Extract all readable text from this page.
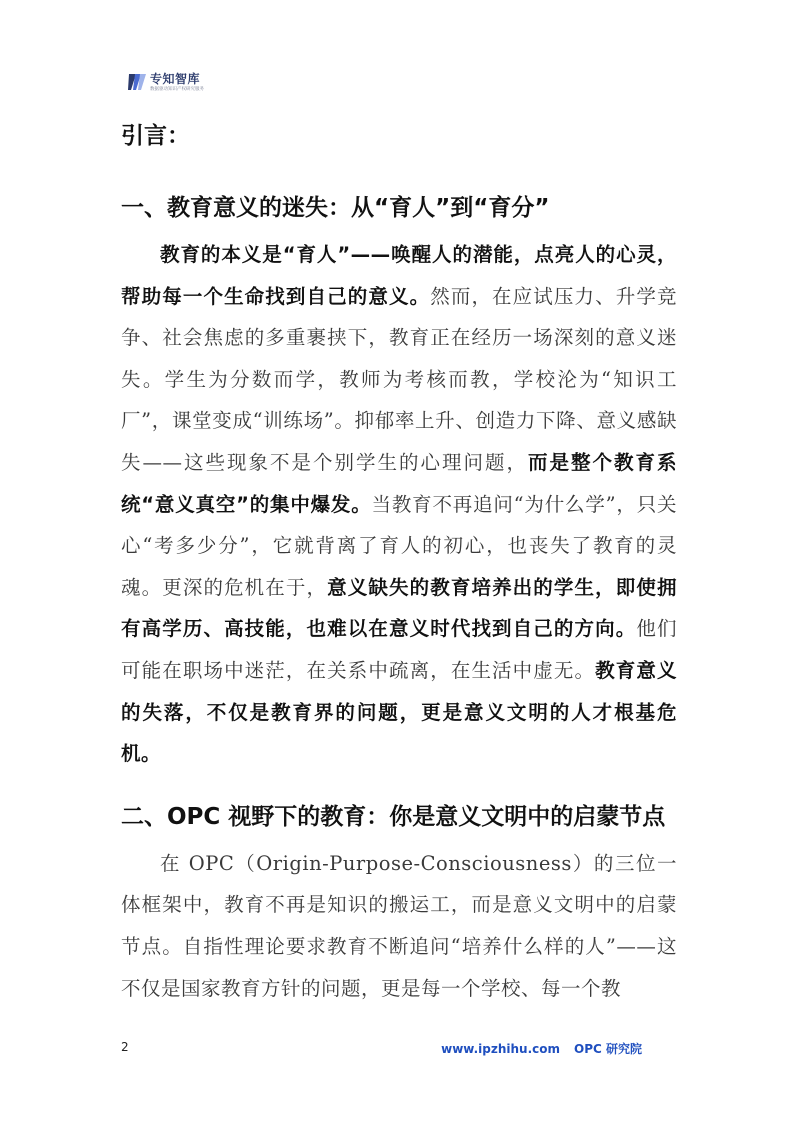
专知智库
数据驱动知识产权研究服务
引言：
一、教育意义的迷失：从“育人”到“育分”

教育的本义是“育人”——唤醒人的潜能，点亮人的心灵，帮助每一个生命找到自己的意义。然而，在应试压力、升学竞争、社会焦虑的多重裹挟下，教育正在经历一场深刻的意义迷失。学生为分数而学，教师为考核而教，学校沦为“知识工厂”，课堂变成“训练场”。抑郁率上升、创造力下降、意义感缺失——这些现象不是个别学生的心理问题，而是整个教育系统“意义真空”的集中爆发。当教育不再追问“为什么学”，只关心“考多少分”，它就背离了育人的初心，也丧失了教育的灵魂。更深的危机在于，意义缺失的教育培养出的学生，即使拥有高学历、高技能，也难以在意义时代找到自己的方向。他们可能在职场中迷茫，在关系中疏离，在生活中虚无。教育意义的失落，不仅是教育界的问题，更是意义文明的人才根基危机。

二、OPC 视野下的教育：你是意义文明中的启蒙节点

在 OPC（Origin-Purpose-Consciousness）的三位一体框架中，教育不再是知识的搬运工，而是意义文明中的启蒙节点。自指性理论要求教育不断追问“培养什么样的人”——这不仅是国家教育方针的问题，更是每一个学校、每一个教

2	www.ipzhihu.com OPC 研究院
